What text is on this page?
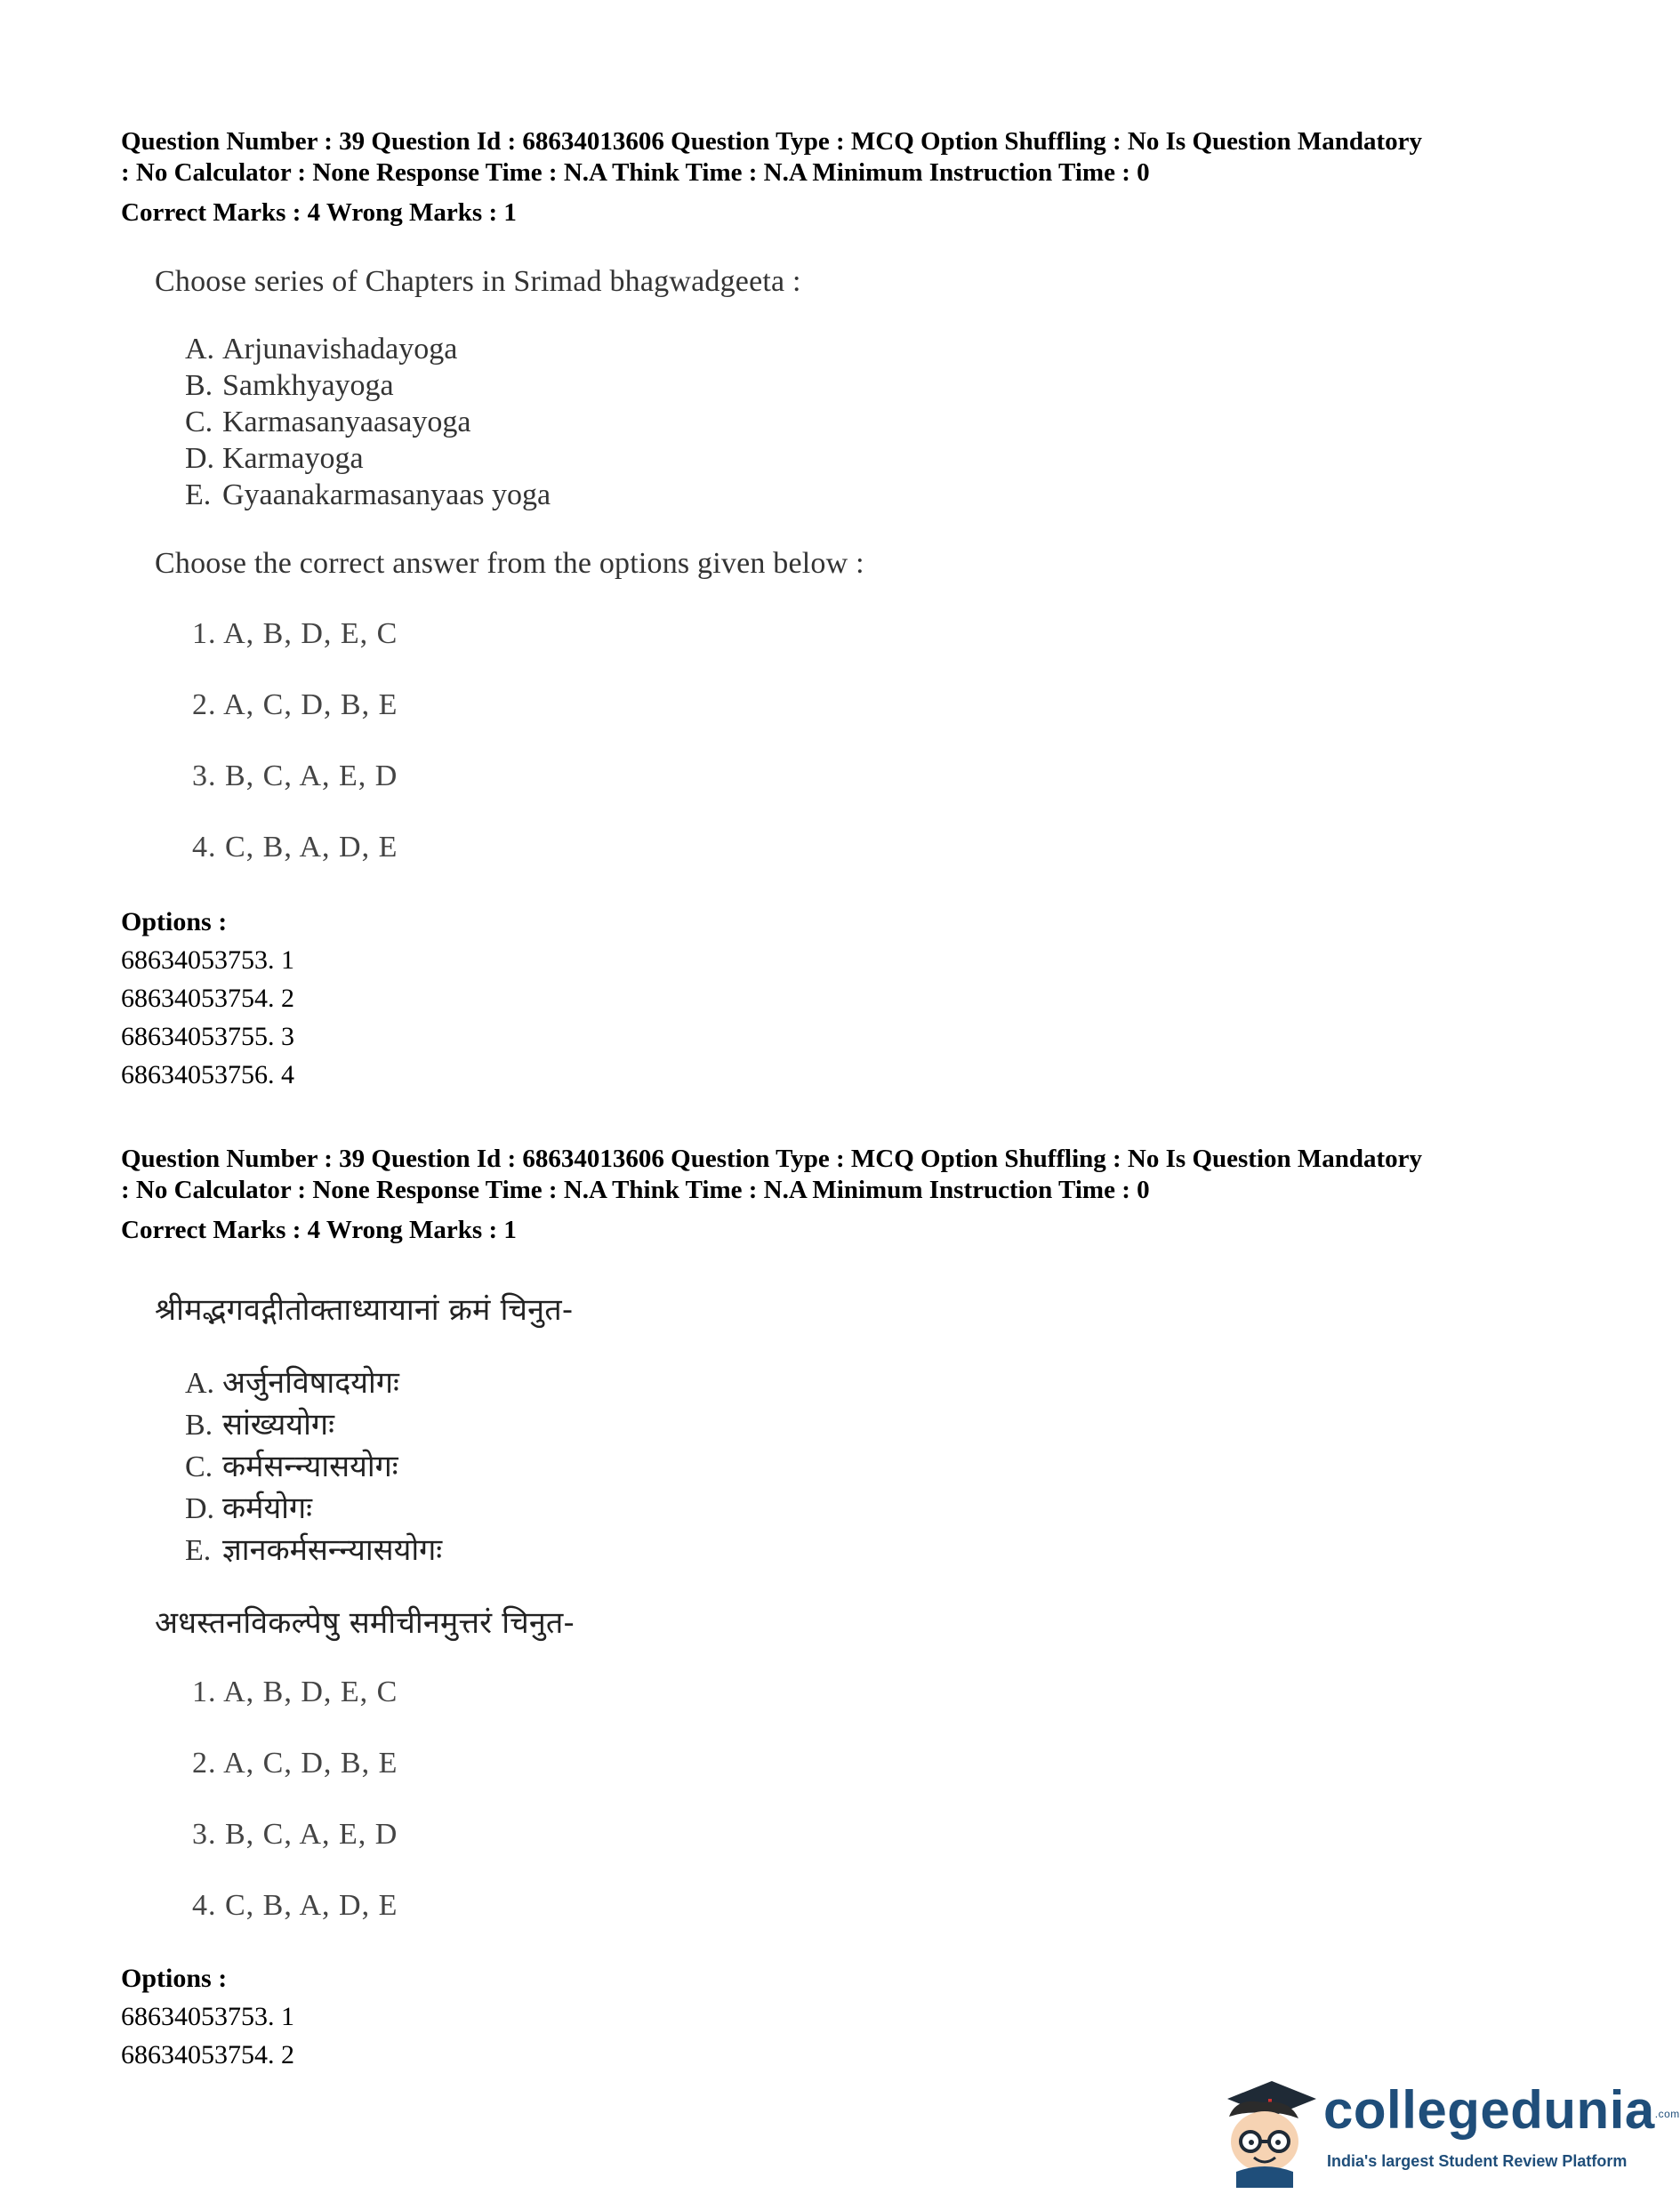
Question Number : 39 Question Id : 68634013606 Question Type : MCQ Option Shuffling : No Is Question Mandatory
: No Calculator : None Response Time : N.A Think Time : N.A Minimum Instruction Time : 0
Correct Marks : 4 Wrong Marks : 1
Choose series of Chapters in Srimad bhagwadgeeta :
A. Arjunavishadayoga
B. Samkhyayoga
C. Karmasanyaasayoga
D. Karmayoga
E. Gyaanakarmasanyaas yoga
Choose the correct answer from the options given below :
1. A, B, D, E, C
2. A, C, D, B, E
3. B, C, A, E, D
4. C, B, A, D, E
Options :
68634053753. 1
68634053754. 2
68634053755. 3
68634053756. 4
Question Number : 39 Question Id : 68634013606 Question Type : MCQ Option Shuffling : No Is Question Mandatory
: No Calculator : None Response Time : N.A Think Time : N.A Minimum Instruction Time : 0
Correct Marks : 4 Wrong Marks : 1
श्रीमद्भगवद्गीतोक्ताध्यायानां क्रमं चिनुत-
A. अर्जुनविषादयोगः
B. सांख्ययोगः
C. कर्मसन्न्यासयोगः
D. कर्मयोगः
E. ज्ञानकर्मसन्न्यासयोगः
अधस्तनविकल्पेषु समीचीनमुत्तरं चिनुत-
1. A, B, D, E, C
2. A, C, D, B, E
3. B, C, A, E, D
4. C, B, A, D, E
Options :
68634053753. 1
68634053754. 2
collegedunia.com
India's largest Student Review Platform
